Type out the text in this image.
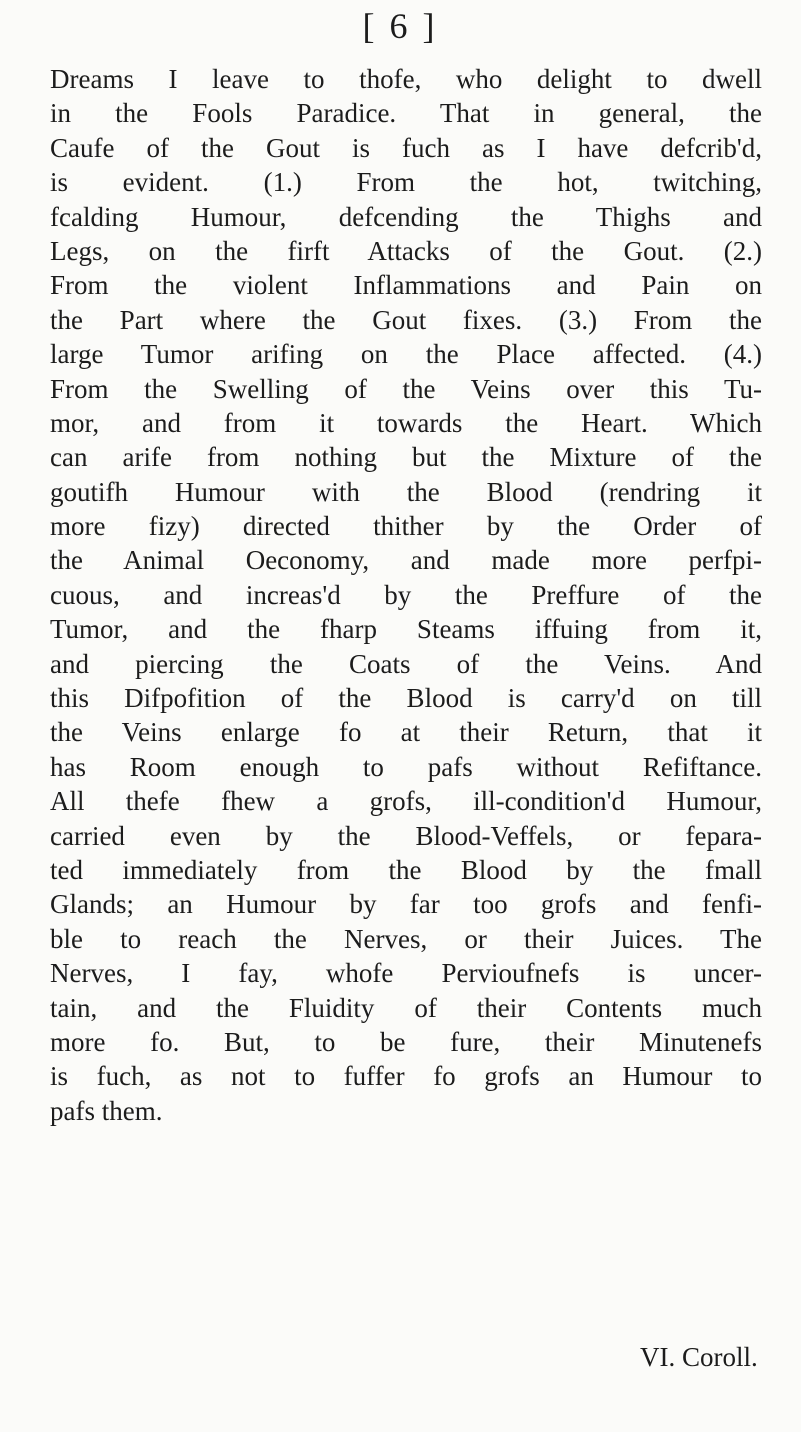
[ 6 ]
Dreams I leave to thofe, who delight to dwell
in the Fools Paradice. That in general, the
Caufe of the Gout is fuch as I have defcrib'd,
is evident. (1.) From the hot, twitching,
fcalding Humour, defcending the Thighs and
Legs, on the firft Attacks of the Gout. (2.)
From the violent Inflammations and Pain on
the Part where the Gout fixes. (3.) From the
large Tumor arifing on the Place affected. (4.)
From the Swelling of the Veins over this Tu-
mor, and from it towards the Heart. Which
can arife from nothing but the Mixture of the
goutifh Humour with the Blood (rendring it
more fizy) directed thither by the Order of
the Animal Oeconomy, and made more perfpi-
cuous, and increas'd by the Preffure of the
Tumor, and the fharp Steams iffuing from it,
and piercing the Coats of the Veins. And
this Difpofition of the Blood is carry'd on till
the Veins enlarge fo at their Return, that it
has Room enough to pafs without Refiftance.
All thefe fhew a grofs, ill-condition'd Humour,
carried even by the Blood-Veffels, or fepara-
ted immediately from the Blood by the fmall
Glands; an Humour by far too grofs and fenfi-
ble to reach the Nerves, or their Juices. The
Nerves, I fay, whofe Pervioufnefs is uncer-
tain, and the Fluidity of their Contents much
more fo. But, to be fure, their Minutenefs
is fuch, as not to fuffer fo grofs an Humour to
pafs them.
VI. Coroll.
